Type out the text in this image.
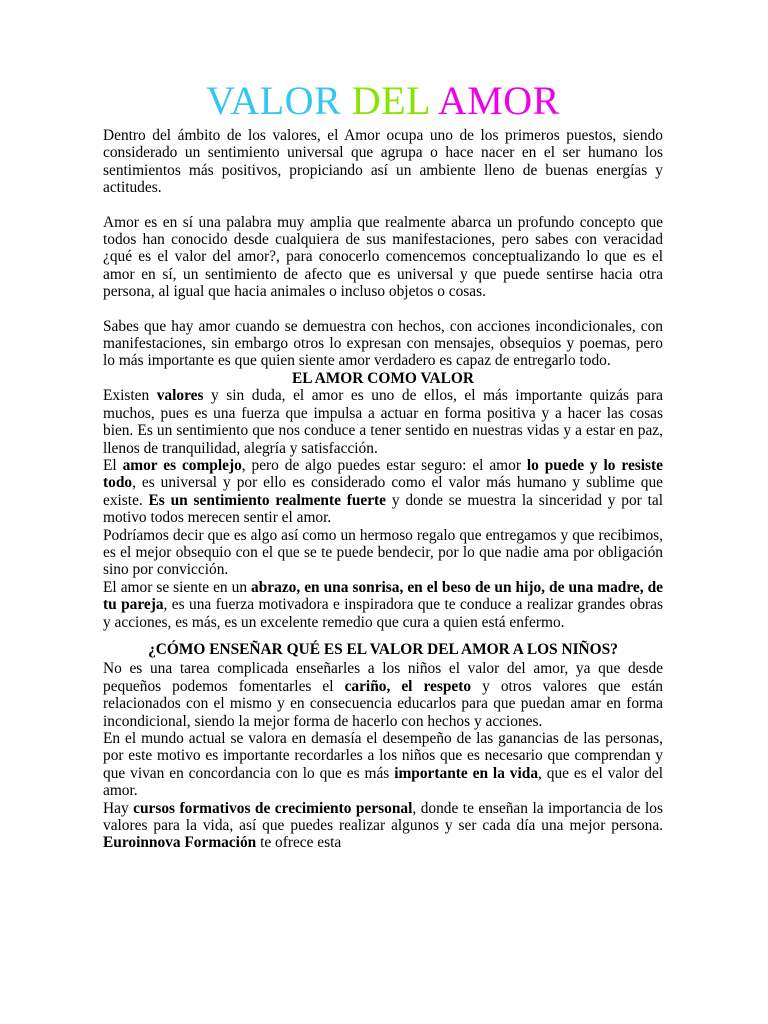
VALOR DEL AMOR

Dentro del ámbito de los valores, el Amor ocupa uno de los primeros puestos, siendo considerado un sentimiento universal que agrupa o hace nacer en el ser humano los sentimientos más positivos, propiciando así un ambiente lleno de buenas energías y actitudes.

Amor es en sí una palabra muy amplia que realmente abarca un profundo concepto que todos han conocido desde cualquiera de sus manifestaciones, pero sabes con veracidad ¿qué es el valor del amor?, para conocerlo comencemos conceptualizando lo que es el amor en sí, un sentimiento de afecto que es universal y que puede sentirse hacia otra persona, al igual que hacia animales o incluso objetos o cosas.

Sabes que hay amor cuando se demuestra con hechos, con acciones incondicionales, con manifestaciones, sin embargo otros lo expresan con mensajes, obsequios y poemas, pero lo más importante es que quien siente amor verdadero es capaz de entregarlo todo.

EL AMOR COMO VALOR

Existen valores y sin duda, el amor es uno de ellos, el más importante quizás para muchos, pues es una fuerza que impulsa a actuar en forma positiva y a hacer las cosas bien. Es un sentimiento que nos conduce a tener sentido en nuestras vidas y a estar en paz, llenos de tranquilidad, alegría y satisfacción.

El amor es complejo, pero de algo puedes estar seguro: el amor lo puede y lo resiste todo, es universal y por ello es considerado como el valor más humano y sublime que existe. Es un sentimiento realmente fuerte y donde se muestra la sinceridad y por tal motivo todos merecen sentir el amor.

Podríamos decir que es algo así como un hermoso regalo que entregamos y que recibimos, es el mejor obsequio con el que se te puede bendecir, por lo que nadie ama por obligación sino por convicción.

El amor se siente en un abrazo, en una sonrisa, en el beso de un hijo, de una madre, de tu pareja, es una fuerza motivadora e inspiradora que te conduce a realizar grandes obras y acciones, es más, es un excelente remedio que cura a quien está enfermo.

¿CÓMO ENSEÑAR QUÉ ES EL VALOR DEL AMOR A LOS NIÑOS?

No es una tarea complicada enseñarles a los niños el valor del amor, ya que desde pequeños podemos fomentarles el cariño, el respeto y otros valores que están relacionados con el mismo y en consecuencia educarlos para que puedan amar en forma incondicional, siendo la mejor forma de hacerlo con hechos y acciones.

En el mundo actual se valora en demasía el desempeño de las ganancias de las personas, por este motivo es importante recordarles a los niños que es necesario que comprendan y que vivan en concordancia con lo que es más importante en la vida, que es el valor del amor.

Hay cursos formativos de crecimiento personal, donde te enseñan la importancia de los valores para la vida, así que puedes realizar algunos y ser cada día una mejor persona. Euroinnova Formación te ofrece esta
